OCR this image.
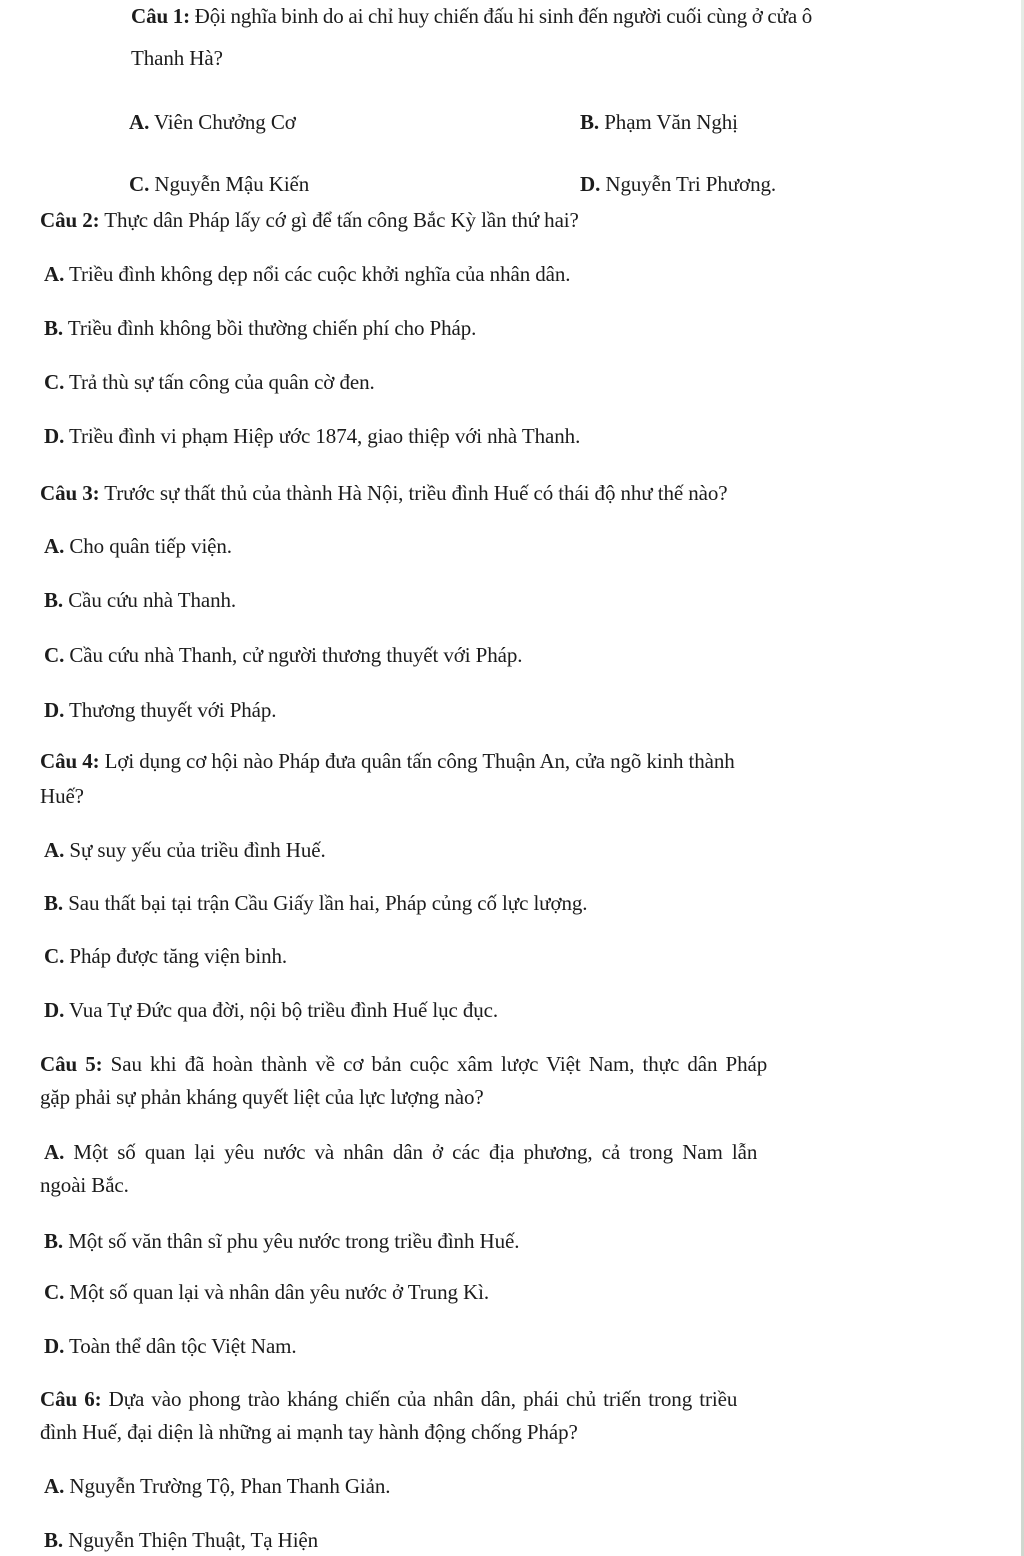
Câu 1: Đội nghĩa binh do ai chỉ huy chiến đấu hi sinh đến người cuối cùng ở cửa ô
Thanh Hà?
A. Viên Chưởng Cơ	B. Phạm Văn Nghị
C. Nguyễn Mậu Kiến	D. Nguyễn Tri Phương.
Câu 2: Thực dân Pháp lấy cớ gì để tấn công Bắc Kỳ lần thứ hai?
A. Triều đình không dẹp nổi các cuộc khởi nghĩa của nhân dân.
B. Triều đình không bồi thường chiến phí cho Pháp.
C. Trả thù sự tấn công của quân cờ đen.
D. Triều đình vi phạm Hiệp ước 1874, giao thiệp với nhà Thanh.
Câu 3: Trước sự thất thủ của thành Hà Nội, triều đình Huế có thái độ như thế nào?
A. Cho quân tiếp viện.
B. Cầu cứu nhà Thanh.
C. Cầu cứu nhà Thanh, cử người thương thuyết với Pháp.
D. Thương thuyết với Pháp.
Câu 4: Lợi dụng cơ hội nào Pháp đưa quân tấn công Thuận An, cửa ngõ kinh thành
Huế?
A. Sự suy yếu của triều đình Huế.
B. Sau thất bại tại trận Cầu Giấy lần hai, Pháp củng cố lực lượng.
C. Pháp được tăng viện binh.
D. Vua Tự Đức qua đời, nội bộ triều đình Huế lục đục.
Câu 5: Sau khi đã hoàn thành về cơ bản cuộc xâm lược Việt Nam, thực dân Pháp
gặp phải sự phản kháng quyết liệt của lực lượng nào?
A. Một số quan lại yêu nước và nhân dân ở các địa phương, cả trong Nam lẫn
ngoài Bắc.
B. Một số văn thân sĩ phu yêu nước trong triều đình Huế.
C. Một số quan lại và nhân dân yêu nước ở Trung Kì.
D. Toàn thể dân tộc Việt Nam.
Câu 6: Dựa vào phong trào kháng chiến của nhân dân, phái chủ triến trong triều
đình Huế, đại diện là những ai mạnh tay hành động chống Pháp?
A. Nguyễn Trường Tộ, Phan Thanh Giản.
B. Nguyễn Thiện Thuật, Tạ Hiện
